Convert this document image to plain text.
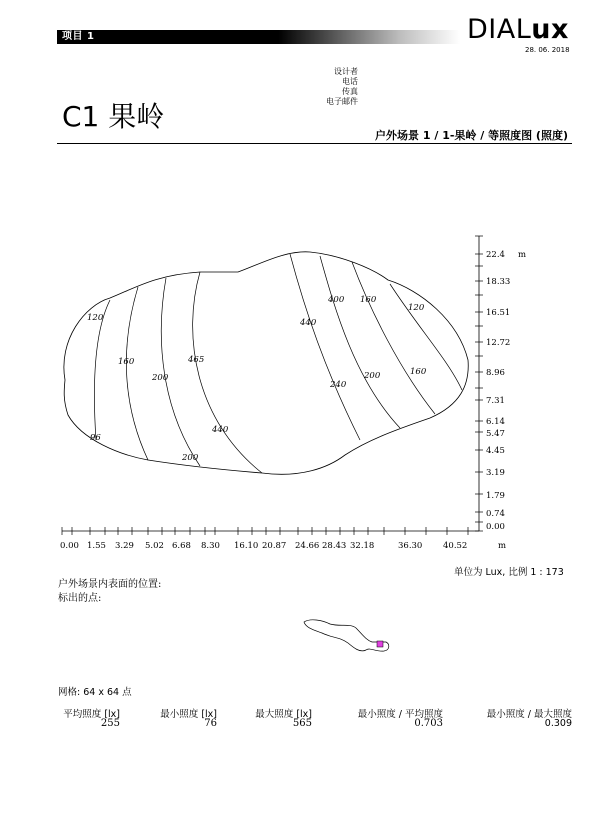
项目 1	DIALux
28. 06. 2018
设计者
电话
传真
电子邮件
C1 果岭
户外场景 1 / 1-果岭 / 等照度图 (照度)
120
160
200
465
440
200
96
400 160
120
440
240
200	160
0.00 1.55 3.29 5.02 6.68 8.30 16.10 20.87 24.66 28.43 32.18	36.30 40.52	m
22.4 m
18.33
16.51
12.72
8.96
7.31
6.14
5.47
4.45
3.19
1.79
0.74
0.00
单位为 Lux, 比例 1 : 173
户外场景内表面的位置:
标出的点:
网格: 64 x 64 点
平均照度 [lx]	最小照度 [lx]	最大照度 [lx]	最小照度 / 平均照度	最小照度 / 最大照度
255	76	565	0.703	0.309
